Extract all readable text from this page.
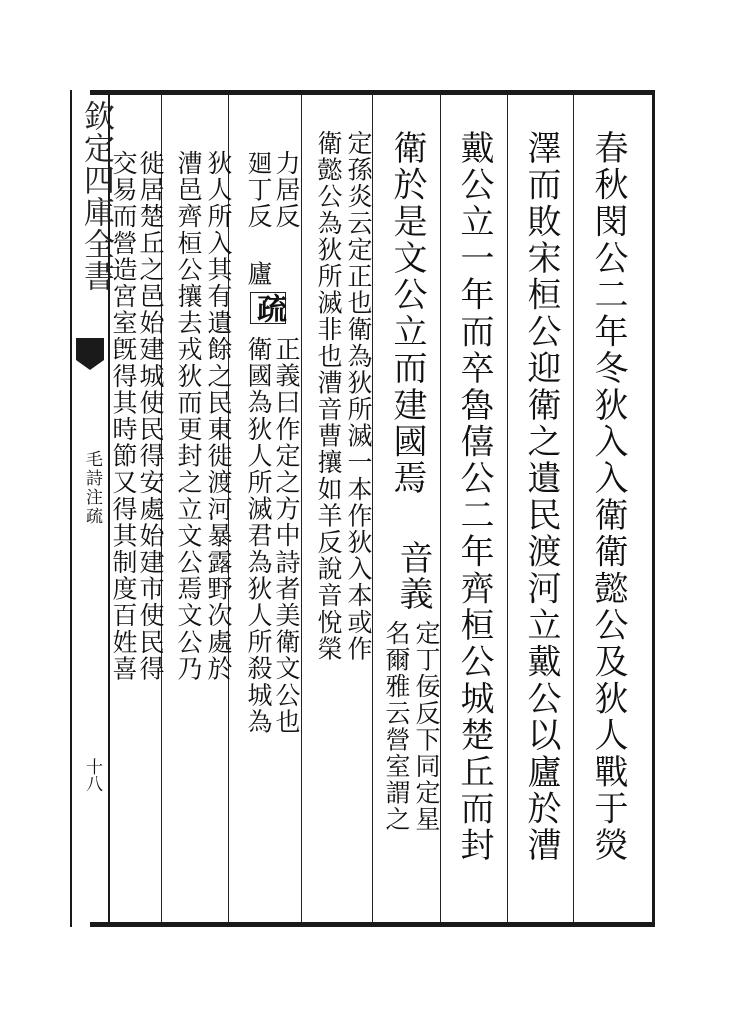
欽定四庫全書
毛詩注疏
十八	春秋閔公二年冬狄入入衛衛懿公及狄人戰于熒
澤而敗宋桓公迎衛之遺民渡河立戴公以廬於漕
戴公立一年而卒魯僖公二年齊桓公城楚丘而封
衛於是文公立而建國焉
音義
定丁佞反下同定星
名爾雅云營室謂之
定孫炎云定正也衛為狄所滅一本作狄入本或作
衛懿公為狄所滅非也漕音曹攘如羊反說音悅榮
力居反
廻丁反 廬
疏
正義曰作定之方中詩者美衛文公也
衛國為狄人所滅君為狄人所殺城為
狄人所入其有遺餘之民東徙渡河暴露野次處於
漕邑齊桓公攘去戎狄而更封之立文公焉文公乃
徙居楚丘之邑始建城使民得安處始建市使民得
交易而營造宮室旣得其時節又得其制度百姓喜
